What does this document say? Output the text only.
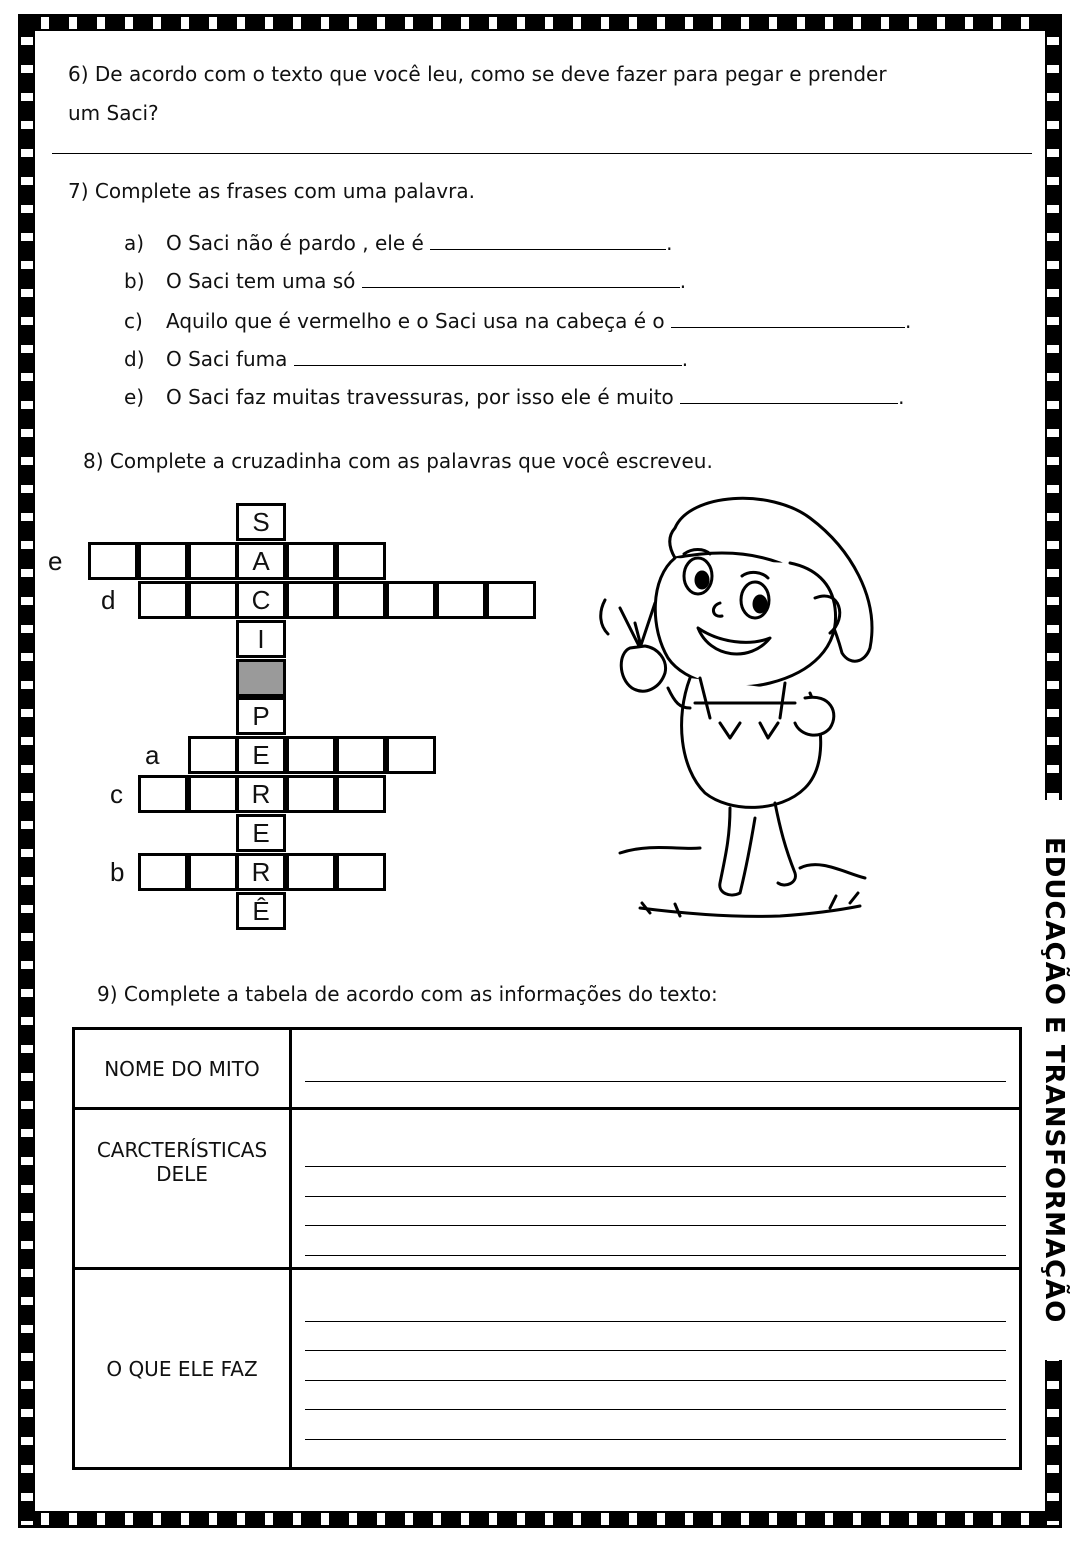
EDUCAÇÃO E TRANSFORMAÇÃO
6) De acordo com o texto que você leu, como se deve fazer para pegar e prender
um Saci?
7) Complete as frases com uma palavra.
a) O Saci não é pardo , ele é	.
b) O Saci tem uma só	.
c) Aquilo que é vermelho e o Saci usa na cabeça é o	.
d) O Saci fuma	.
e) O Saci faz muitas travessuras, por isso ele é muito	.
8) Complete a cruzadinha com as palavras que você escreveu.
S
A
C
I
P
E
R
E
R
Ê
e
d
a
c
b
9) Complete a tabela de acordo com as informações do texto:
NOME DO MITO	

CARCTERÍSTICAS DELE	

O QUE ELE FAZ	
